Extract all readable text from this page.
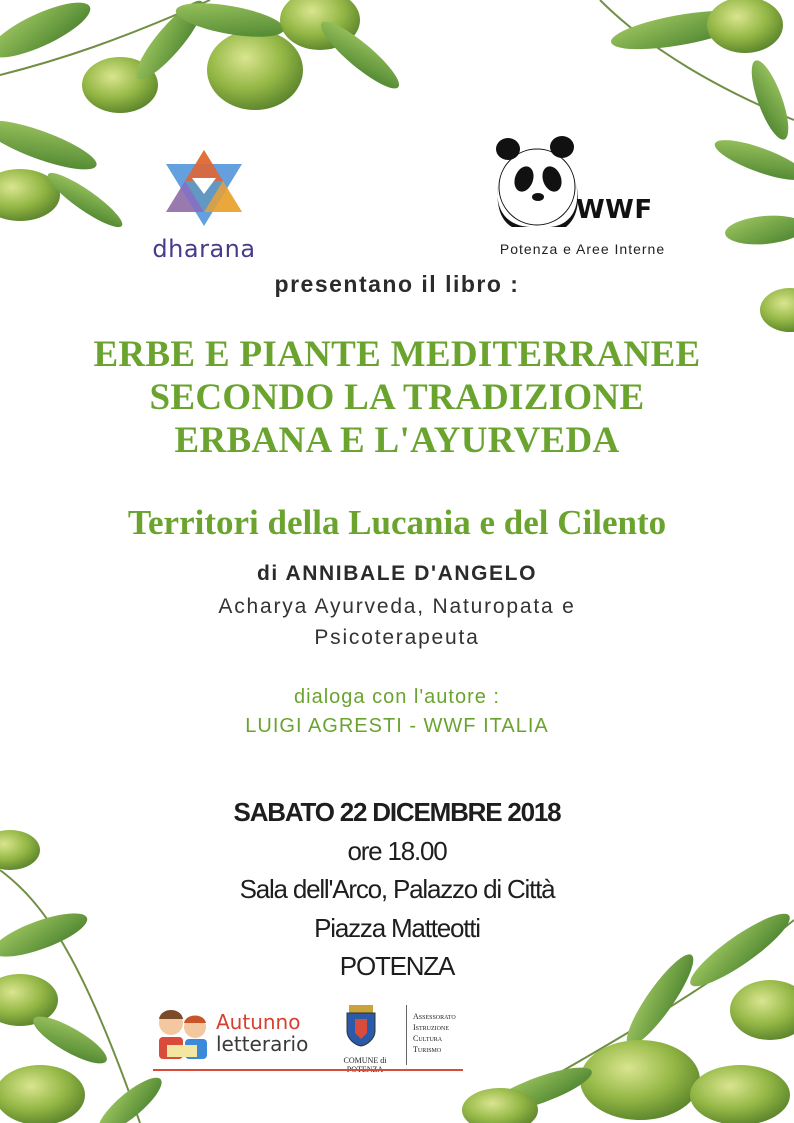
dharana
WWF
Potenza e Aree Interne
presentano il libro :
ERBE E PIANTE MEDITERRANEE
SECONDO LA TRADIZIONE
ERBANA E L'AYURVEDA
Territori della Lucania e del Cilento
di ANNIBALE D'ANGELO
Acharya Ayurveda, Naturopata e
Psicoterapeuta
dialoga con l'autore :
LUIGI AGRESTI - WWF ITALIA
SABATO 22 DICEMBRE 2018
ore 18.00
Sala dell'Arco, Palazzo di Città
Piazza Matteotti
POTENZA
Autunno
letterario
COMUNE di
Assessorato
Istruzione
Cultura
Turismo
